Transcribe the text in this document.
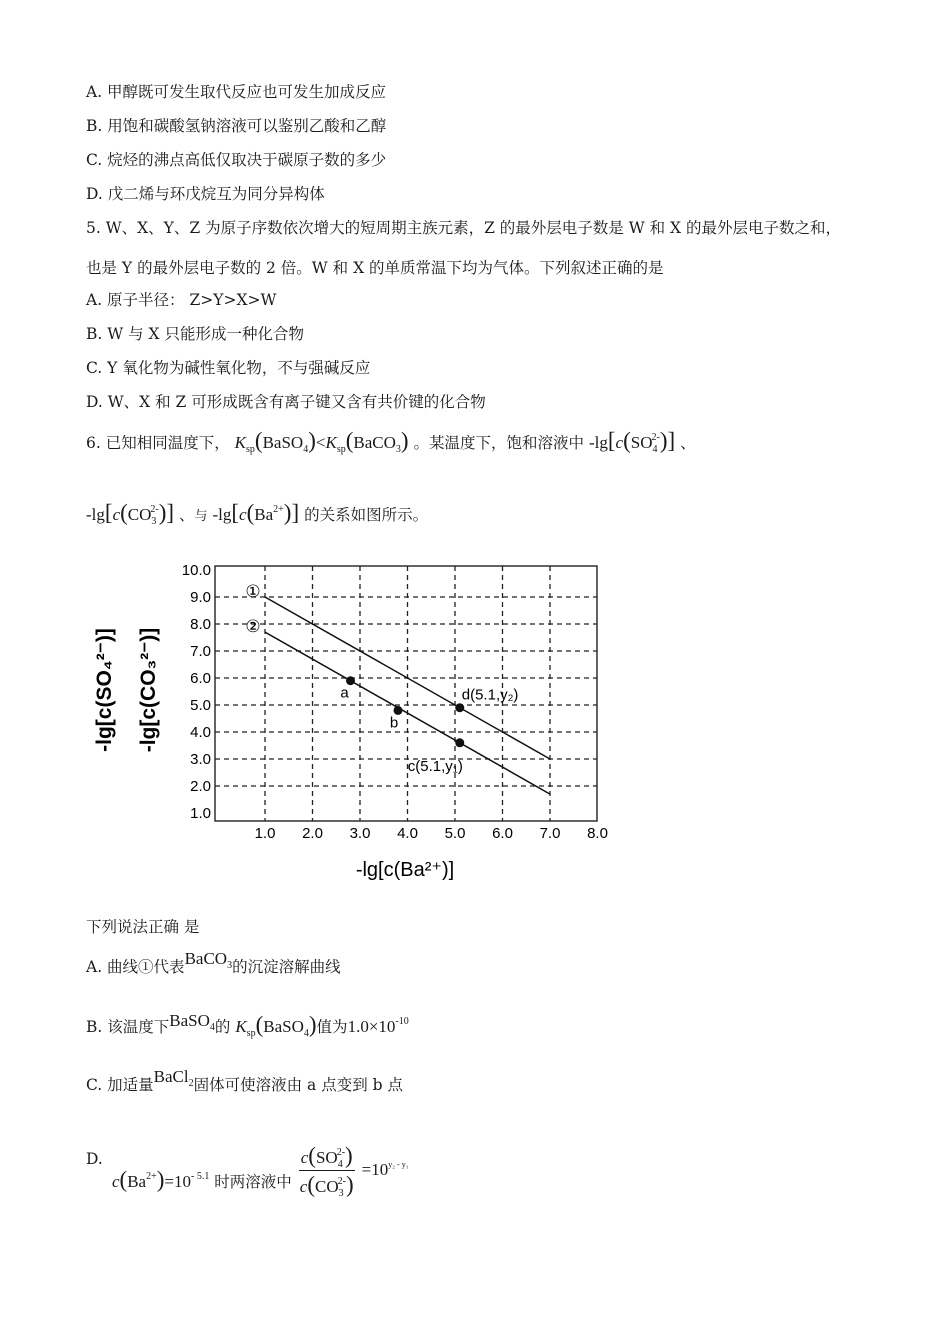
A. 甲醇既可发生取代反应也可发生加成反应
B. 用饱和碳酸氢钠溶液可以鉴别乙酸和乙醇
C. 烷烃的沸点高低仅取决于碳原子数的多少
D. 戊二烯与环戊烷互为同分异构体
5. W、X、Y、Z 为原子序数依次增大的短周期主族元素，Z 的最外层电子数是 W 和 X 的最外层电子数之和，
也是 Y 的最外层电子数的 2 倍。W 和 X 的单质常温下均为气体。下列叙述正确的是
A. 原子半径： Z>Y>X>W
B. W 与 X 只能形成一种化合物
C. Y 氧化物为碱性氧化物，不与强碱反应
D. W、X 和 Z 可形成既含有离子键又含有共价键的化合物
6. 已知相同温度下， $K_{sp}(BaSO_4)<K_{sp}(BaCO_3)$ 。某温度下，饱和溶液中 $-\lg[c(SO_4^{2-})]$ 、
$-\lg[c(CO_3^{2-})]$ 、与 $-\lg[c(Ba^{2+})]$ 的关系如图所示。
1.0
2.0
3.0
4.0
5.0
6.0
7.0
8.0
9.0
10.0
1.0 2.0 3.0 4.0 5.0 6.0 7.0 8.0
①
②
a
b
d(5.1,y₂)
c(5.1,y₁)
-lg[c(Ba²⁺)]
-lg[c(SO₄²⁻)] -lg[c(CO₃²⁻)]
下列说法正确 是
A. 曲线①代表BaCO$_3$的沉淀溶解曲线
B. 该温度下BaSO$_4$的 $K_{sp}(BaSO_4)$值为$1.0\times 10^{-10}$
C. 加适量BaCl$_2$固体可使溶液由 a 点变到 b 点
D.
$c(Ba^{2+})=10^{- 5.1}$ 时两溶液中 $\frac{c(SO_4^{2-})}{c(CO_3^{2-})} =10^{y_2 - y_1}$
